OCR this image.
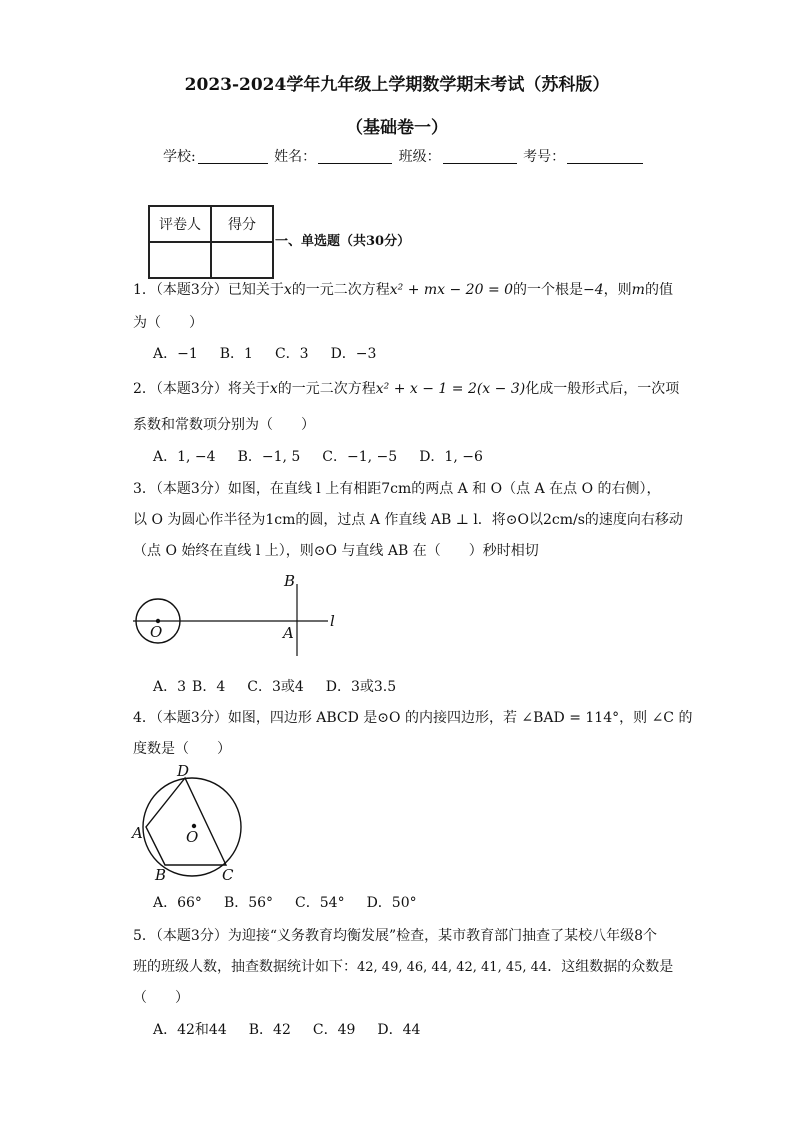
2023-2024学年九年级上学期数学期末考试（苏科版）
（基础卷一）
学校:	姓名：	班级：	考号：
评卷人	得分

一、单选题（共30分）
1．（本题3分）已知关于x的一元二次方程x² + mx − 20 = 0的一个根是−4，则m的值
为（　　）
A．−1 B．1 C．3 D．−3
2．（本题3分）将关于x的一元二次方程x² + x − 1 = 2(x − 3)化成一般形式后，一次项
系数和常数项分别为（　　）
A．1, −4 B．−1, 5 C．−1, −5 D．1, −6
3．（本题3分）如图，在直线 l 上有相距7cm的两点 A 和 O（点 A 在点 O 的右侧），
以 O 为圆心作半径为1cm的圆，过点 A 作直线 AB ⊥ l．将⊙O以2cm/s的速度向右移动
（点 O 始终在直线 l 上），则⊙O 与直线 AB 在（　　）秒时相切
B
A
O
l
A．3 B．4 C．3或4 D．3或3.5
4．（本题3分）如图，四边形 ABCD 是⊙O 的内接四边形，若 ∠BAD = 114°，则 ∠C 的
度数是（　　）
D
A
B	C
O
A．66° B．56° C．54° D．50°
5．（本题3分）为迎接“义务教育均衡发展”检查，某市教育部门抽查了某校八年级8个
班的班级人数，抽查数据统计如下：42, 49, 46, 44, 42, 41, 45, 44．这组数据的众数是
（　　）
A．42和44 B．42 C．49 D．44
